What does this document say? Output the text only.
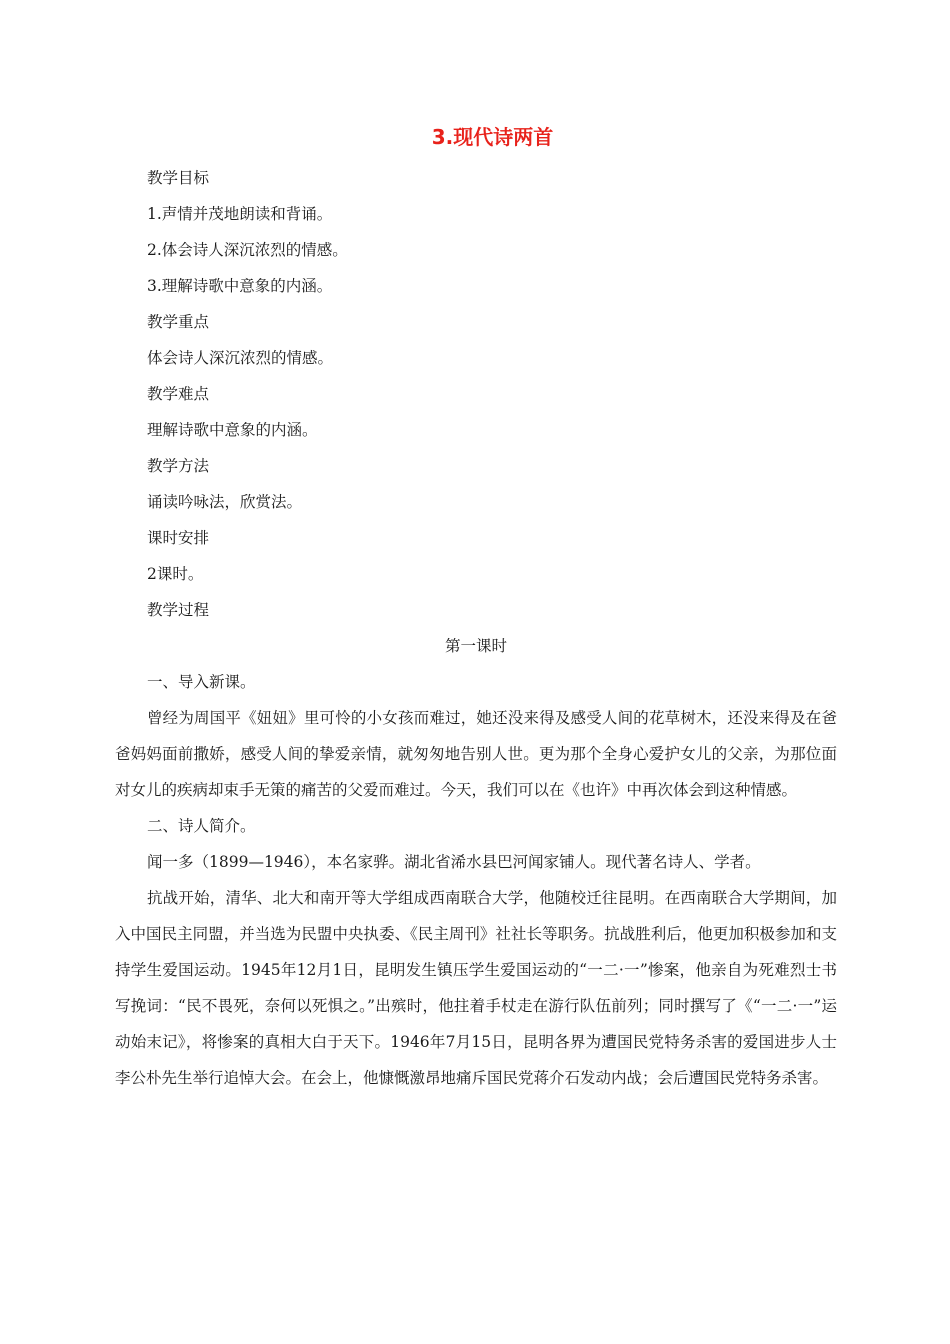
3.现代诗两首
教学目标
1.声情并茂地朗读和背诵。
2.体会诗人深沉浓烈的情感。
3.理解诗歌中意象的内涵。
教学重点
体会诗人深沉浓烈的情感。
教学难点
理解诗歌中意象的内涵。
教学方法
诵读吟咏法，欣赏法。
课时安排
2课时。
教学过程
第一课时
一、导入新课。

曾经为周国平《妞妞》里可怜的小女孩而难过，她还没来得及感受人间的花草树木，还没来得及在爸爸妈妈面前撒娇，感受人间的挚爱亲情，就匆匆地告别人世。更为那个全身心爱护女儿的父亲，为那位面对女儿的疾病却束手无策的痛苦的父爱而难过。今天，我们可以在《也许》中再次体会到这种情感。

二、诗人简介。
闻一多（1899—1946），本名家骅。湖北省浠水县巴河闻家铺人。现代著名诗人、学者。

抗战开始，清华、北大和南开等大学组成西南联合大学，他随校迁往昆明。在西南联合大学期间，加入中国民主同盟，并当选为民盟中央执委、《民主周刊》社社长等职务。抗战胜利后，他更加积极参加和支持学生爱国运动。1945年12月1日，昆明发生镇压学生爱国运动的“一二·一”惨案，他亲自为死难烈士书写挽词：“民不畏死，奈何以死惧之。”出殡时，他拄着手杖走在游行队伍前列；同时撰写了《“一二·一”运动始末记》，将惨案的真相大白于天下。1946年7月15日，昆明各界为遭国民党特务杀害的爱国进步人士李公朴先生举行追悼大会。在会上，他慷慨激昂地痛斥国民党蒋介石发动内战；会后遭国民党特务杀害。
